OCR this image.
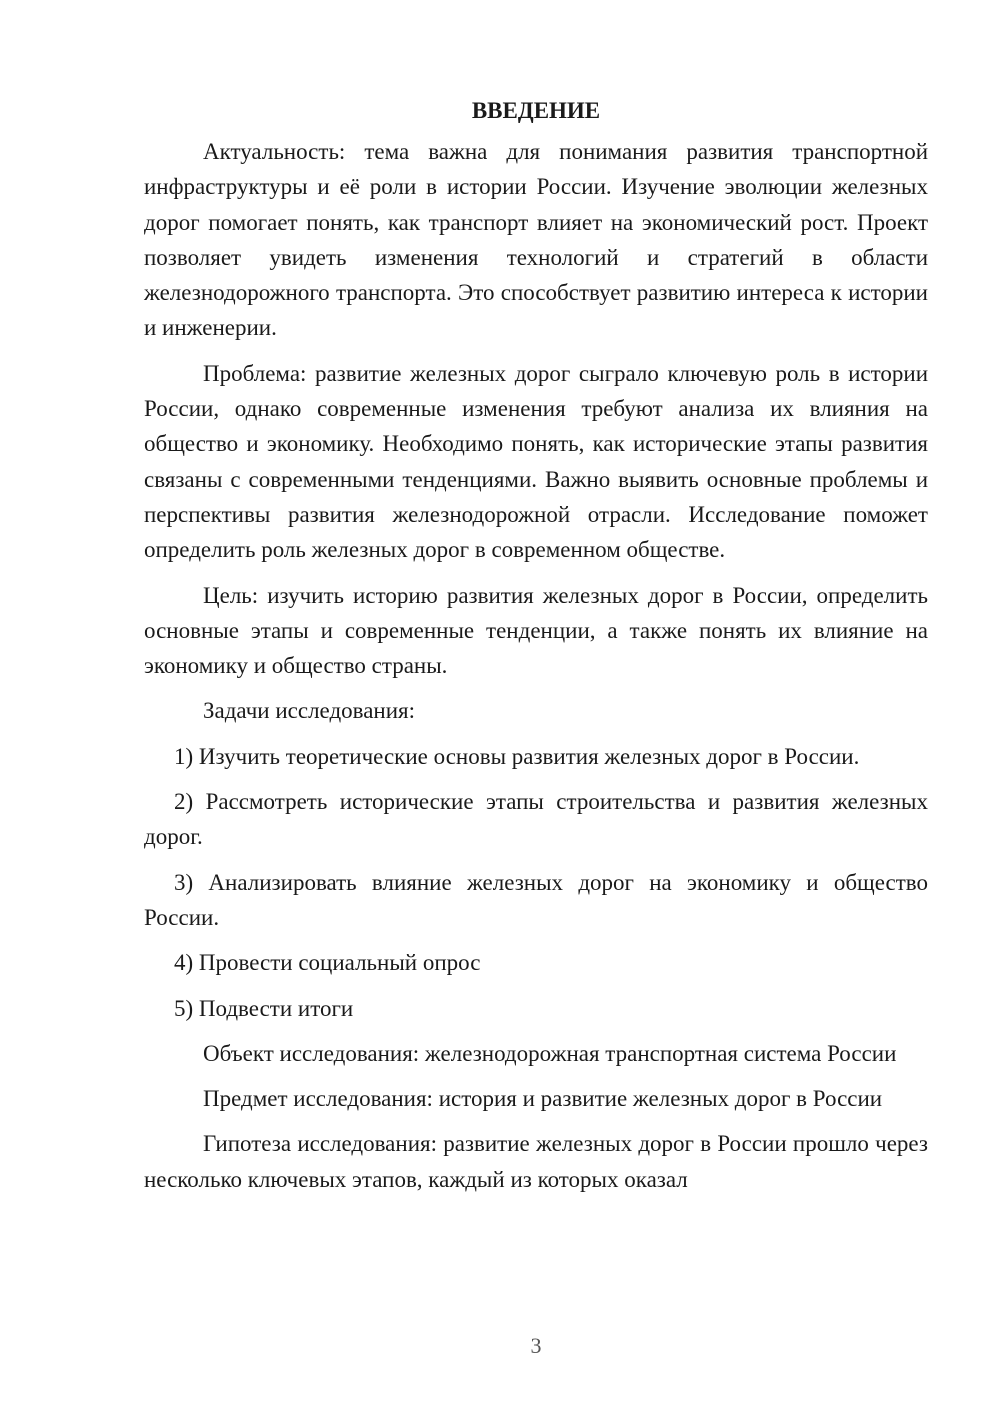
ВВЕДЕНИЕ

Актуальность: тема важна для понимания развития транспортной инфраструктуры и её роли в истории России. Изучение эволюции железных дорог помогает понять, как транспорт влияет на экономический рост. Проект позволяет увидеть изменения технологий и стратегий в области железнодорожного транспорта. Это способствует развитию интереса к истории и инженерии.

Проблема: развитие железных дорог сыграло ключевую роль в истории России, однако современные изменения требуют анализа их влияния на общество и экономику. Необходимо понять, как исторические этапы развития связаны с современными тенденциями. Важно выявить основные проблемы и перспективы развития железнодорожной отрасли. Исследование поможет определить роль железных дорог в современном обществе.

Цель: изучить историю развития железных дорог в России, определить основные этапы и современные тенденции, а также понять их влияние на экономику и общество страны.

Задачи исследования:

1) Изучить теоретические основы развития железных дорог в России.

2) Рассмотреть исторические этапы строительства и развития железных дорог.

3) Анализировать влияние железных дорог на экономику и общество России.

4) Провести социальный опрос

5) Подвести итоги

Объект исследования: железнодорожная транспортная система России

Предмет исследования: история и развитие железных дорог в России

Гипотеза исследования: развитие железных дорог в России прошло через несколько ключевых этапов, каждый из которых оказал

3
